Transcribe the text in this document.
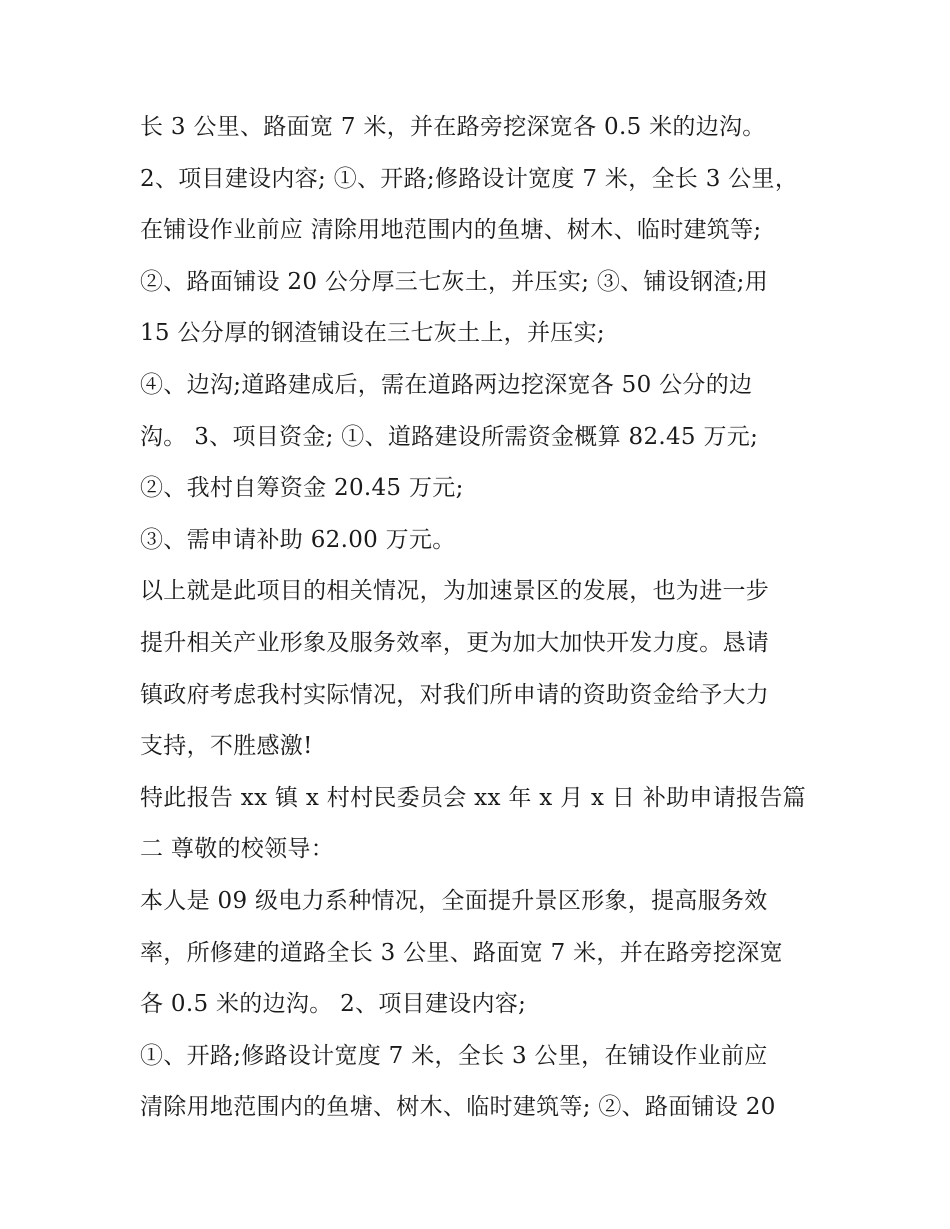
长 3 公里、路面宽 7 米，并在路旁挖深宽各 0.5 米的边沟。
2、项目建设内容; ①、开路;修路设计宽度 7 米，全长 3 公里，
在铺设作业前应 清除用地范围内的鱼塘、树木、临时建筑等;
②、路面铺设 20 公分厚三七灰土，并压实; ③、铺设钢渣;用
15 公分厚的钢渣铺设在三七灰土上，并压实;
④、边沟;道路建成后，需在道路两边挖深宽各 50 公分的边
沟。 3、项目资金; ①、道路建设所需资金概算 82.45 万元;
②、我村自筹资金 20.45 万元;
③、需申请补助 62.00 万元。
以上就是此项目的相关情况，为加速景区的发展，也为进一步
提升相关产业形象及服务效率，更为加大加快开发力度。恳请
镇政府考虑我村实际情况，对我们所申请的资助资金给予大力
支持，不胜感激!
特此报告 xx 镇 x 村村民委员会 xx 年 x 月 x 日 补助申请报告篇
二 尊敬的校领导：
本人是 09 级电力系种情况，全面提升景区形象，提高服务效
率，所修建的道路全长 3 公里、路面宽 7 米，并在路旁挖深宽
各 0.5 米的边沟。 2、项目建设内容;
①、开路;修路设计宽度 7 米，全长 3 公里，在铺设作业前应
清除用地范围内的鱼塘、树木、临时建筑等; ②、路面铺设 20
